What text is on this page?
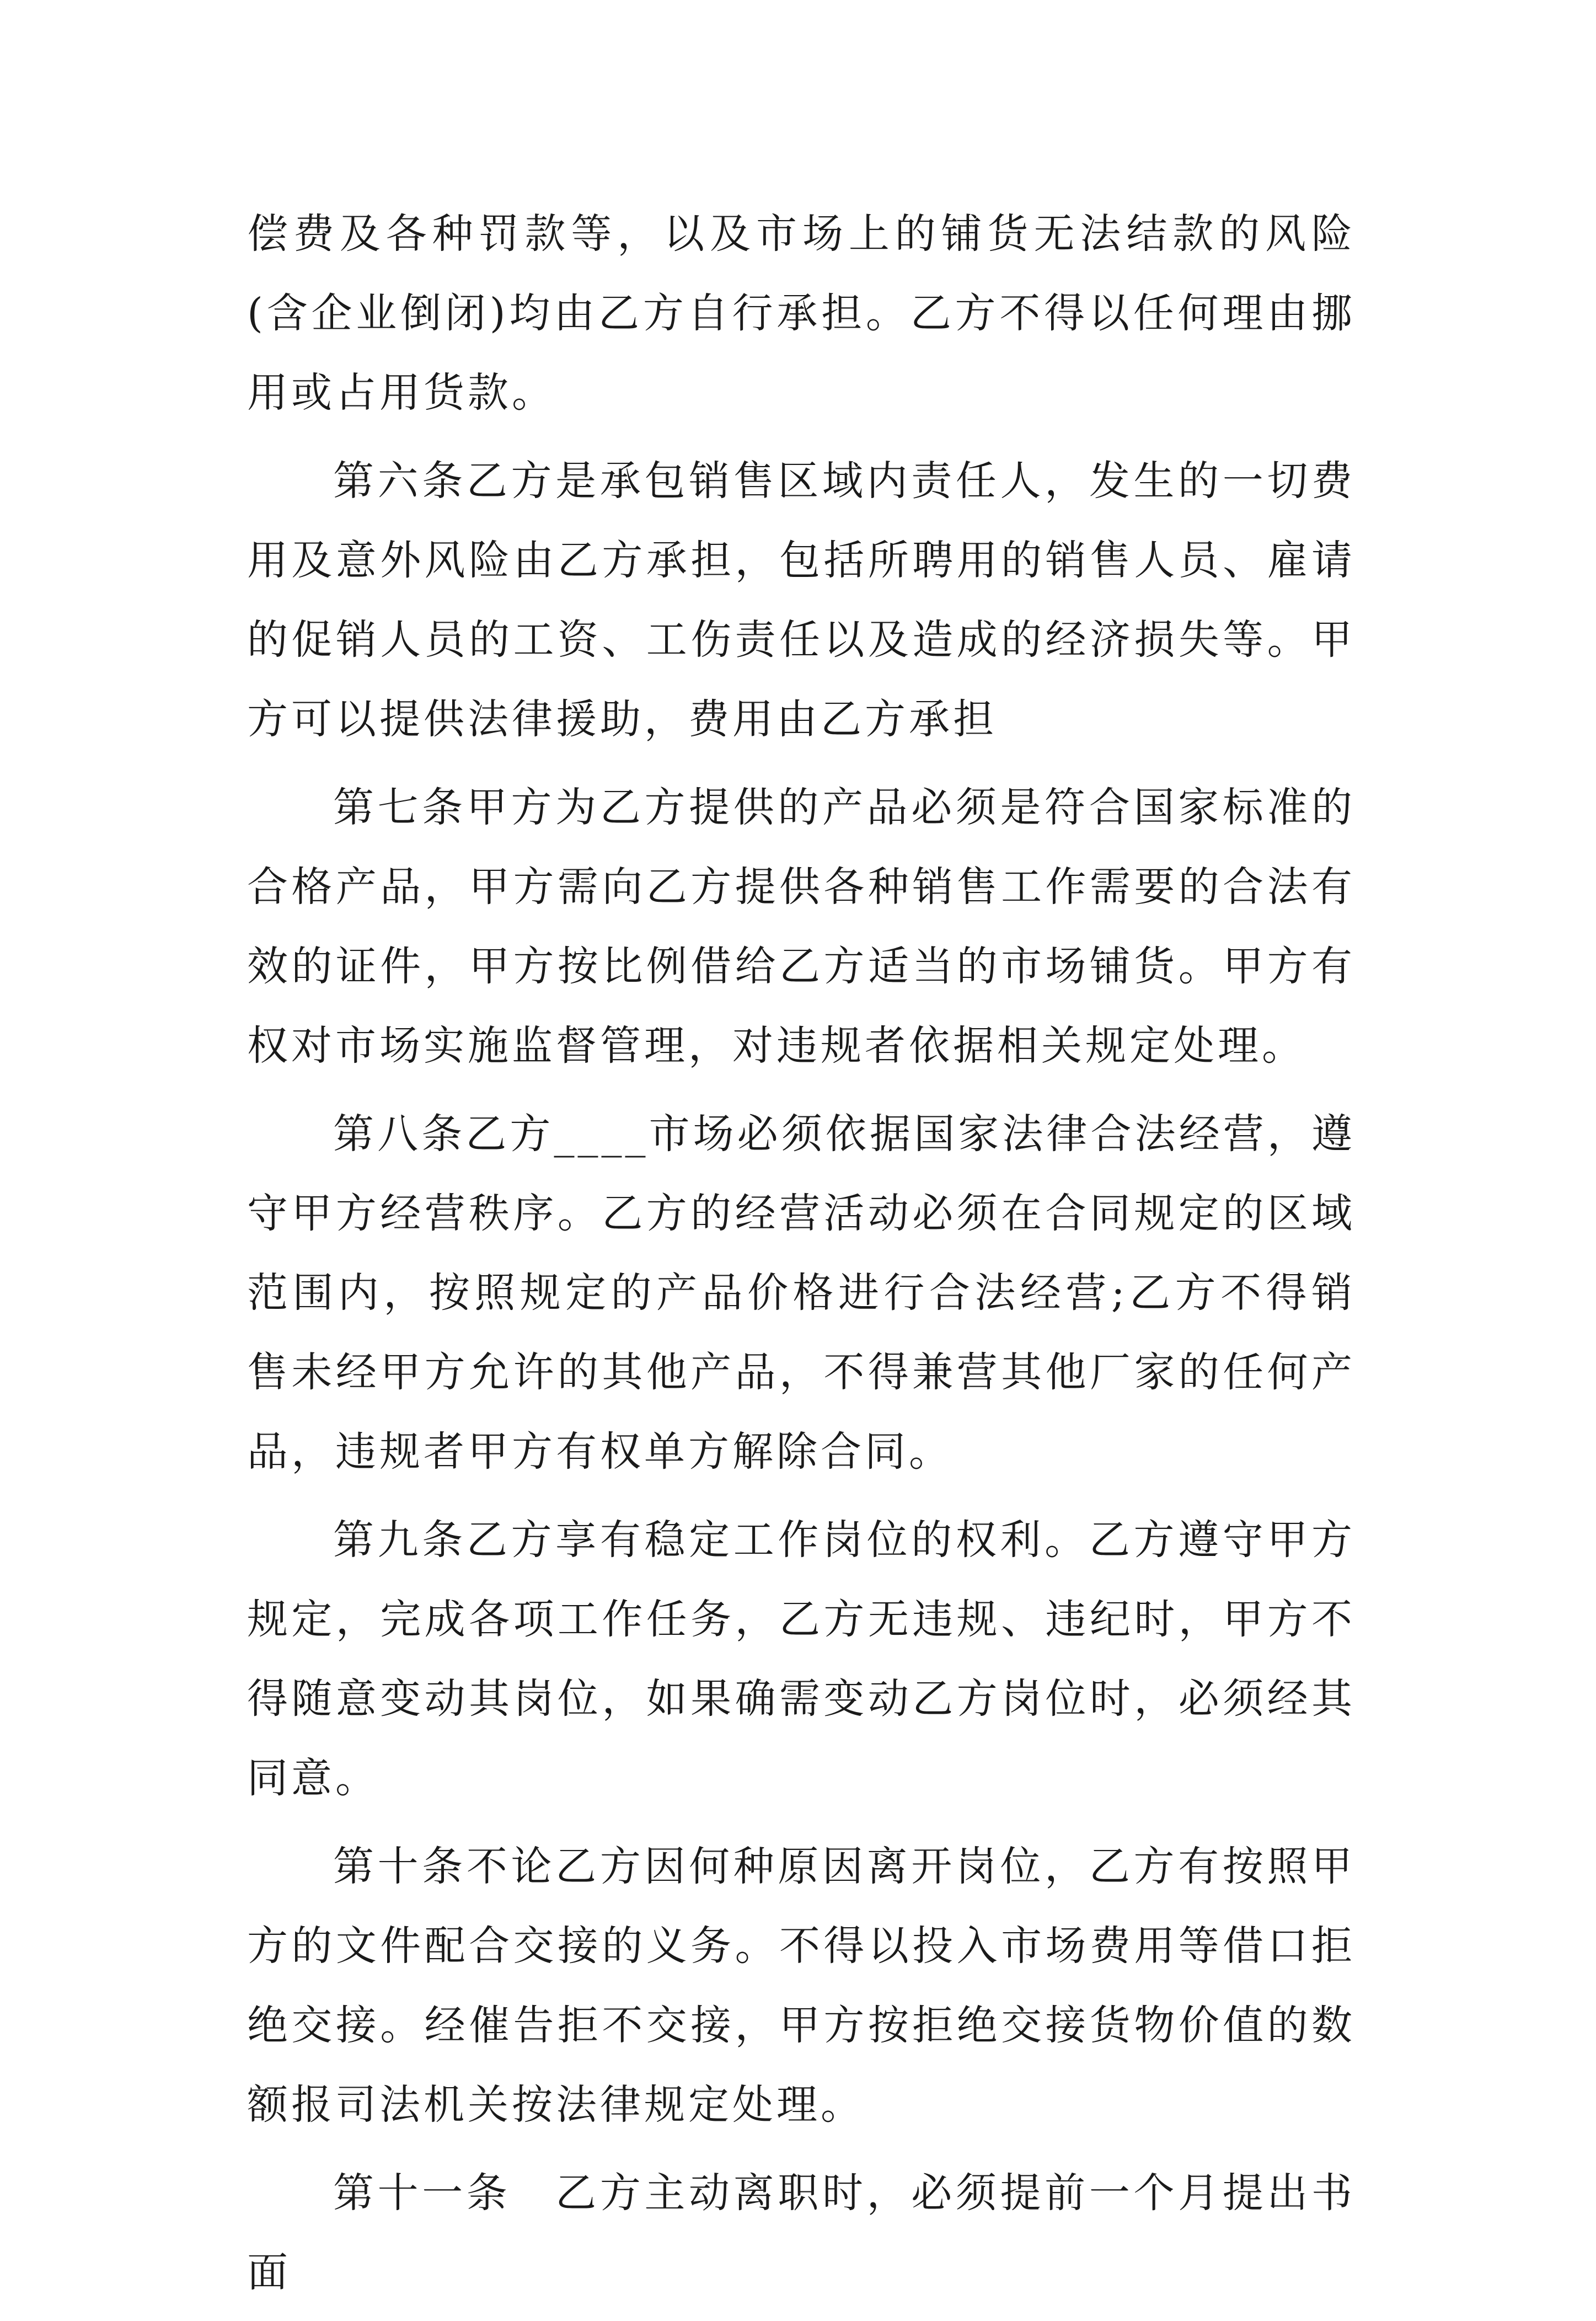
偿费及各种罚款等，以及市场上的铺货无法结款的风险(含企业倒闭)均由乙方自行承担。乙方不得以任何理由挪用或占用货款。

第六条乙方是承包销售区域内责任人，发生的一切费用及意外风险由乙方承担，包括所聘用的销售人员、雇请的促销人员的工资、工伤责任以及造成的经济损失等。甲方可以提供法律援助，费用由乙方承担

第七条甲方为乙方提供的产品必须是符合国家标准的合格产品，甲方需向乙方提供各种销售工作需要的合法有效的证件，甲方按比例借给乙方适当的市场铺货。甲方有权对市场实施监督管理，对违规者依据相关规定处理。

第八条乙方____市场必须依据国家法律合法经营，遵守甲方经营秩序。乙方的经营活动必须在合同规定的区域范围内，按照规定的产品价格进行合法经营;乙方不得销售未经甲方允许的其他产品，不得兼营其他厂家的任何产品，违规者甲方有权单方解除合同。

第九条乙方享有稳定工作岗位的权利。乙方遵守甲方规定，完成各项工作任务，乙方无违规、违纪时，甲方不得随意变动其岗位，如果确需变动乙方岗位时，必须经其同意。

第十条不论乙方因何种原因离开岗位，乙方有按照甲方的文件配合交接的义务。不得以投入市场费用等借口拒绝交接。经催告拒不交接，甲方按拒绝交接货物价值的数额报司法机关按法律规定处理。

第十一条　乙方主动离职时，必须提前一个月提出书面
